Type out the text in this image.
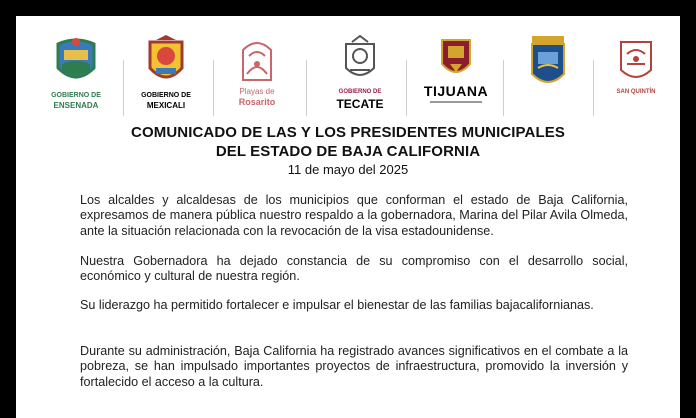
GOBIERNO DE
ENSENADA
GOBIERNO DE
MEXICALI
Playas de
Rosarito
GOBIERNO DE
TECATE
TIJUANA	SAN QUINTÍN
COMUNICADO DE LAS Y LOS PRESIDENTES MUNICIPALES
DEL ESTADO DE BAJA CALIFORNIA
11 de mayo del 2025
Los alcaldes y alcaldesas de los municipios que conforman el estado de Baja California, expresamos de manera pública nuestro respaldo a la gobernadora, Marina del Pilar Avila Olmeda, ante la situación relacionada con la revocación de la visa estadounidense.
Nuestra Gobernadora ha dejado constancia de su compromiso con el desarrollo social, económico y cultural de nuestra región.
Su liderazgo ha permitido fortalecer e impulsar el bienestar de las familias bajacalifornianas.
Durante su administración, Baja California ha registrado avances significativos en el combate a la pobreza, se han impulsado importantes proyectos de infraestructura, promovido la inversión y fortalecido el acceso a la cultura.
